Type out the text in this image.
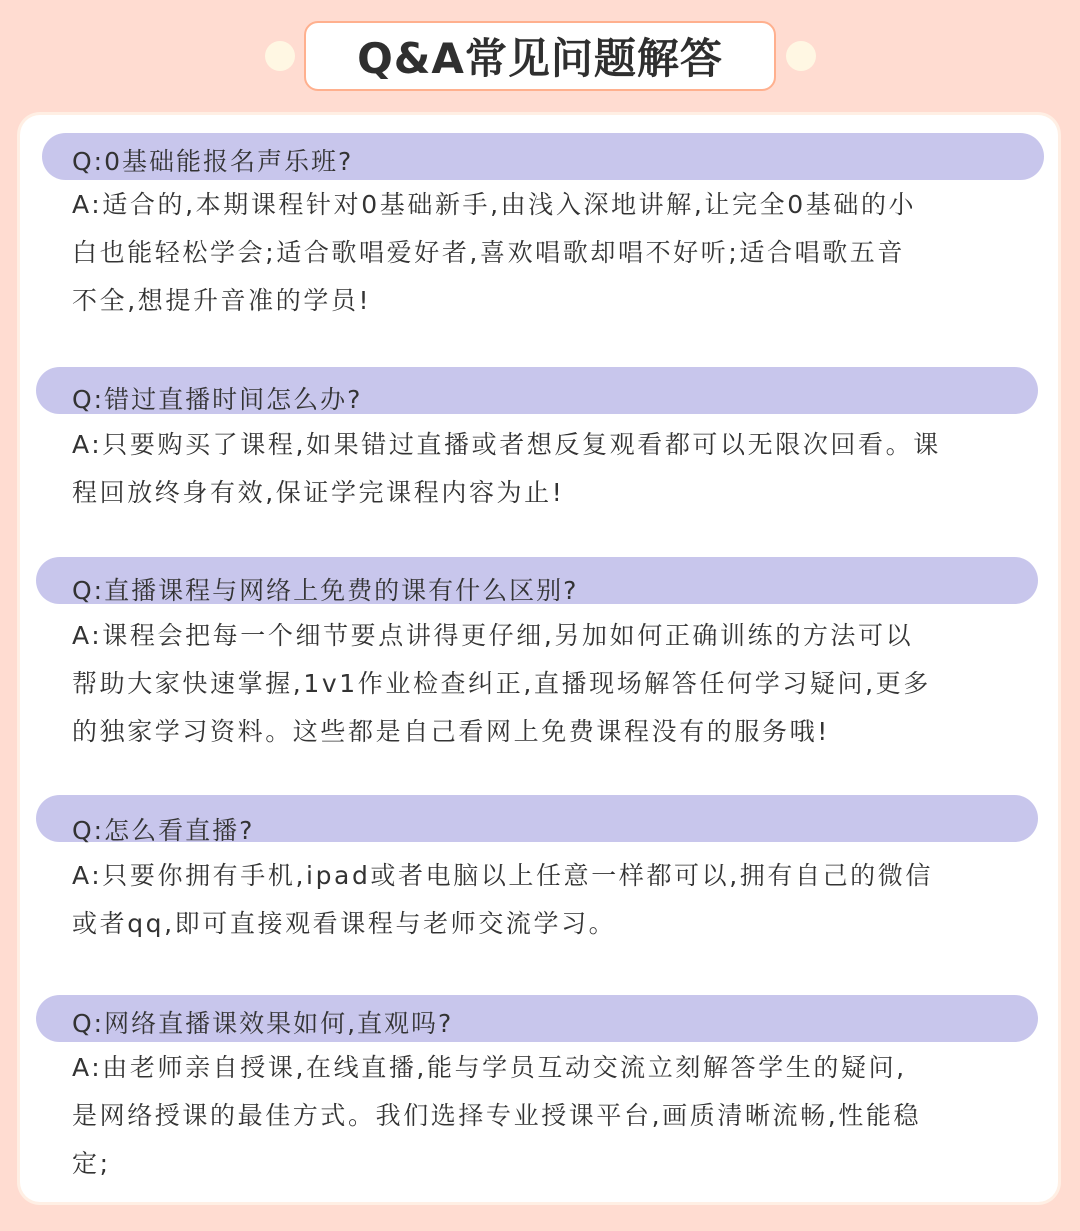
Q&A常见问题解答
Q:0基础能报名声乐班?
A:适合的,本期课程针对0基础新手,由浅入深地讲解,让完全0基础的小
白也能轻松学会;适合歌唱爱好者,喜欢唱歌却唱不好听;适合唱歌五音
不全,想提升音准的学员!
Q:错过直播时间怎么办?
A:只要购买了课程,如果错过直播或者想反复观看都可以无限次回看。课
程回放终身有效,保证学完课程内容为止!
Q:直播课程与网络上免费的课有什么区别?
A:课程会把每一个细节要点讲得更仔细,另加如何正确训练的方法可以
帮助大家快速掌握,1v1作业检查纠正,直播现场解答任何学习疑问,更多
的独家学习资料。这些都是自己看网上免费课程没有的服务哦!
Q:怎么看直播?
A:只要你拥有手机,ipad或者电脑以上任意一样都可以,拥有自己的微信
或者qq,即可直接观看课程与老师交流学习。
Q:网络直播课效果如何,直观吗?
A:由老师亲自授课,在线直播,能与学员互动交流立刻解答学生的疑问,
是网络授课的最佳方式。我们选择专业授课平台,画质清晰流畅,性能稳
定;
